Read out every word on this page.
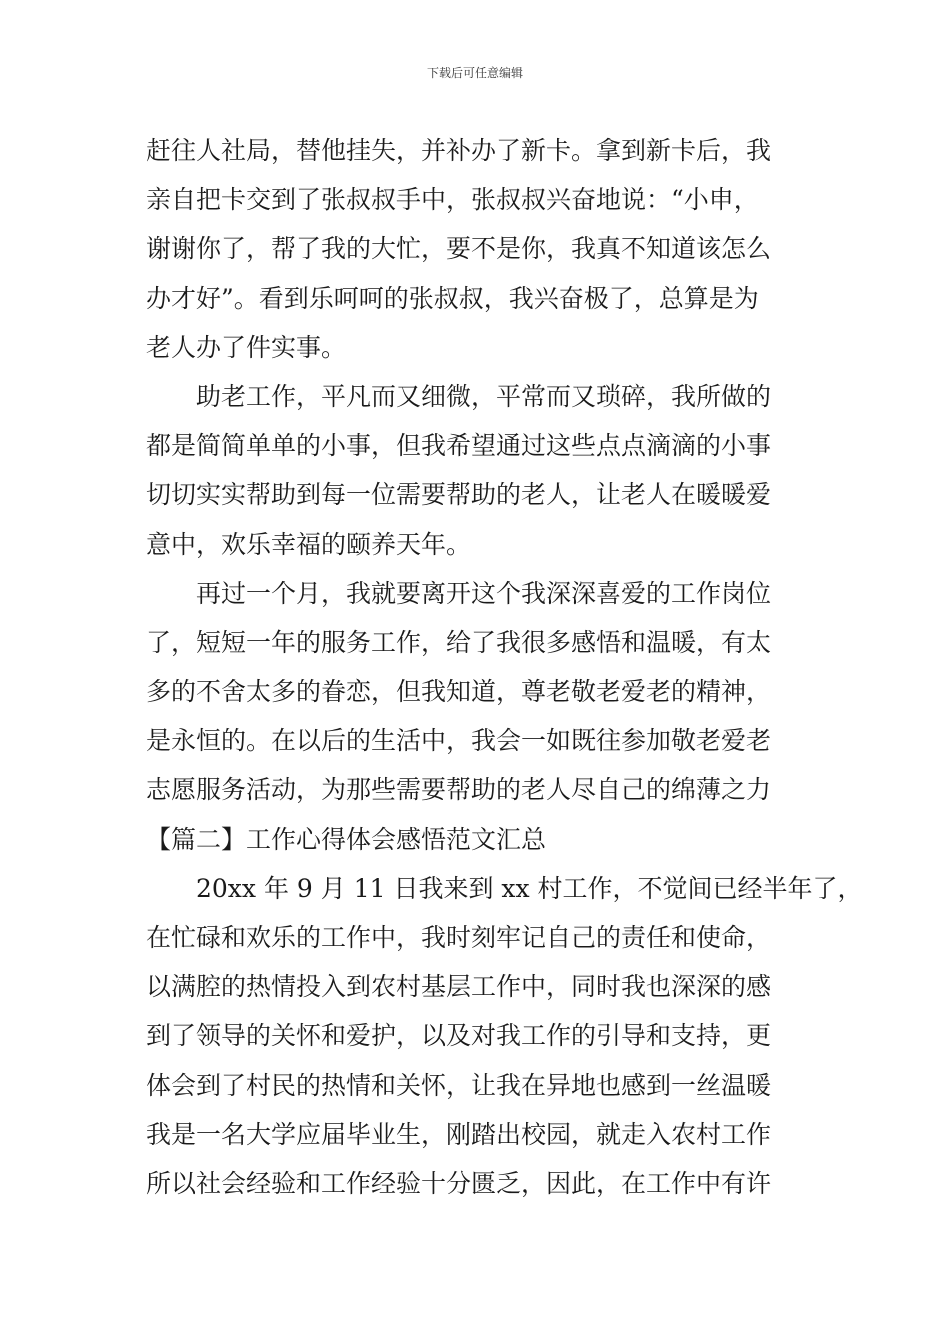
下载后可任意编辑
赶往人社局，替他挂失，并补办了新卡。拿到新卡后，我
亲自把卡交到了张叔叔手中，张叔叔兴奋地说：“小申，
谢谢你了，帮了我的大忙，要不是你，我真不知道该怎么
办才好”。看到乐呵呵的张叔叔，我兴奋极了，总算是为
老人办了件实事。
助老工作，平凡而又细微，平常而又琐碎，我所做的
都是简简单单的小事，但我希望通过这些点点滴滴的小事
切切实实帮助到每一位需要帮助的老人，让老人在暖暖爱
意中，欢乐幸福的颐养天年。
再过一个月，我就要离开这个我深深喜爱的工作岗位
了，短短一年的服务工作，给了我很多感悟和温暖，有太
多的不舍太多的眷恋，但我知道，尊老敬老爱老的精神，
是永恒的。在以后的生活中，我会一如既往参加敬老爱老
志愿服务活动，为那些需要帮助的老人尽自己的绵薄之力
【篇二】工作心得体会感悟范文汇总
20xx 年 9 月 11 日我来到 xx 村工作，不觉间已经半年了，
在忙碌和欢乐的工作中，我时刻牢记自己的责任和使命，
以满腔的热情投入到农村基层工作中，同时我也深深的感
到了领导的关怀和爱护，以及对我工作的引导和支持，更
体会到了村民的热情和关怀，让我在异地也感到一丝温暖
我是一名大学应届毕业生，刚踏出校园，就走入农村工作
所以社会经验和工作经验十分匮乏，因此，在工作中有许
